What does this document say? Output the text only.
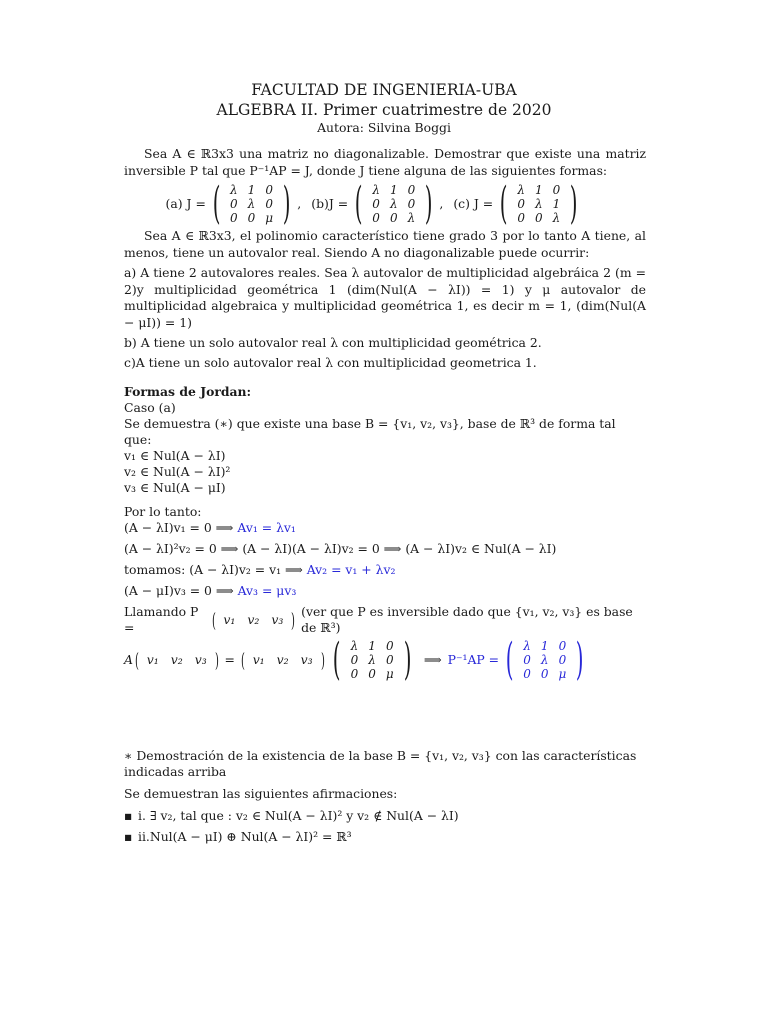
FACULTAD DE INGENIERIA-UBA
ALGEBRA II. Primer cuatrimestre de 2020
Autora: Silvina Boggi

Sea A ∈ ℝ3x3 una matriz no diagonalizable. Demostrar que existe una matriz inversible P tal que P⁻¹AP = J, donde J tiene alguna de las siguientes formas:

(a) J = ( λ	1	0
0	λ	0
0	0	μ ) , (b)J = ( λ	1	0
0	λ	0
0	0	λ ) , (c) J = ( λ	1	0
0	λ	1
0	0	λ )

Sea A ∈ ℝ3x3, el polinomio característico tiene grado 3 por lo tanto A tiene, al menos, tiene un autovalor real. Siendo A no diagonalizable puede ocurrir:

a) A tiene 2 autovalores reales. Sea λ autovalor de multiplicidad algebráica 2 (m = 2)y multiplicidad geométrica 1 (dim(Nul(A − λI)) = 1) y μ autovalor de multiplicidad algebraica y multiplicidad geométrica 1, es decir m = 1, (dim(Nul(A − μI)) = 1)

b) A tiene un solo autovalor real λ con multiplicidad geométrica 2.

c)A tiene un solo autovalor real λ con multiplicidad geometrica 1.

Formas de Jordan:
Caso (a)
Se demuestra (∗) que existe una base B = {v₁, v₂, v₃}, base de ℝ³ de forma tal que:
v₁ ∈ Nul(A − λI)
v₂ ∈ Nul(A − λI)²
v₃ ∈ Nul(A − μI)
Por lo tanto:
(A − λI)v₁ = 0 ⟹ Av₁ = λv₁
(A − λI)²v₂ = 0 ⟹ (A − λI)(A − λI)v₂ = 0 ⟹ (A − λI)v₂ ∈ Nul(A − λI)
tomamos: (A − λI)v₂ = v₁ ⟹ Av₂ = v₁ + λv₂
(A − μI)v₃ = 0 ⟹ Av₃ = μv₃
Llamando P =	( v₁ v₂ v₃ ) (ver que P es inversible dado que {v₁, v₂, v₃} es base de ℝ³)
A ( v₁ v₂ v₃ ) = ( v₁ v₂ v₃ ) ( λ	1	0
0	λ	0
0	0	μ ) ⟹ P⁻¹AP = ( λ	1	0
0	λ	0
0	0	μ )
∗ Demostración de la existencia de la base B = {v₁, v₂, v₃} con las características indicadas arriba
Se demuestran las siguientes afirmaciones:
▪ i. ∃ v₂, tal que : v₂ ∈ Nul(A − λI)² y v₂ ∉ Nul(A − λI)
▪ ii.Nul(A − μI) ⊕ Nul(A − λI)² = ℝ³
